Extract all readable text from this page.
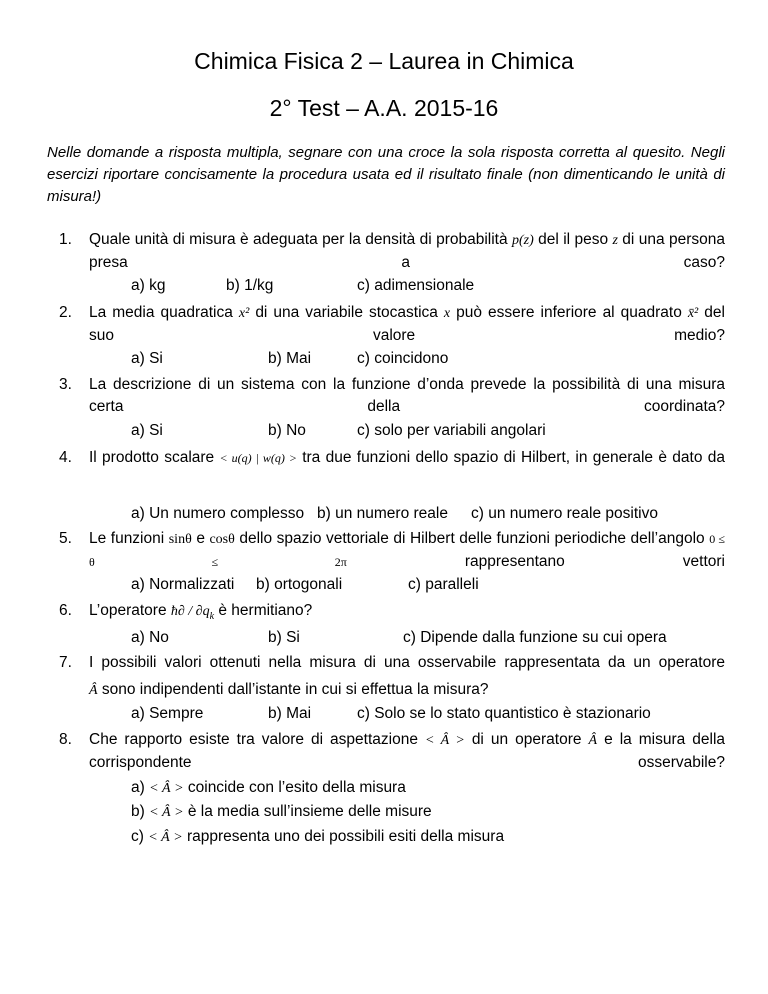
Chimica Fisica 2 – Laurea in Chimica
2° Test – A.A. 2015-16
Nelle domande a risposta multipla, segnare con una croce la sola risposta corretta al quesito. Negli esercizi riportare concisamente la procedura usata ed il risultato finale (non dimenticando le unità di misura!)
1. Quale unità di misura è adeguata per la densità di probabilità p(z) del il peso z di una persona presa a caso?
a) kg	b) 1/kg	c) adimensionale
2. La media quadratica x² di una variabile stocastica x può essere inferiore al quadrato x̄² del suo valore medio?
a) Si	b) Mai	c) coincidono
3. La descrizione di un sistema con la funzione d’onda prevede la possibilità di una misura certa della coordinata?
a) Si	b) No	c) solo per variabili angolari
4. Il prodotto scalare < u(q) | w(q) > tra due funzioni dello spazio di Hilbert, in generale è dato da
a) Un numero complesso b) un numero reale c) un numero reale positivo
5. Le funzioni sinθ e cosθ dello spazio vettoriale di Hilbert delle funzioni periodiche dell’angolo 0 ≤ θ ≤ 2π	rappresentano vettori
a) Normalizzati b) ortogonali	c) paralleli
6. L’operatore ħ∂ / $\partial q_k$ è hermitiano?
a) No	b) Si	c) Dipende dalla funzione su cui opera
7. I possibili valori ottenuti nella misura di una osservabile rappresentata da un operatore
Â sono indipendenti dall’istante in cui si effettua la misura?
a) Sempre	b) Mai	c) Solo se lo stato quantistico è stazionario
8. Che rapporto esiste tra valore di aspettazione < Â > di un operatore Â e la misura della corrispondente osservabile?
a) < Â > coincide con l’esito della misura
b) < Â > è la media sull’insieme delle misure
c) < Â > rappresenta uno dei possibili esiti della misura
